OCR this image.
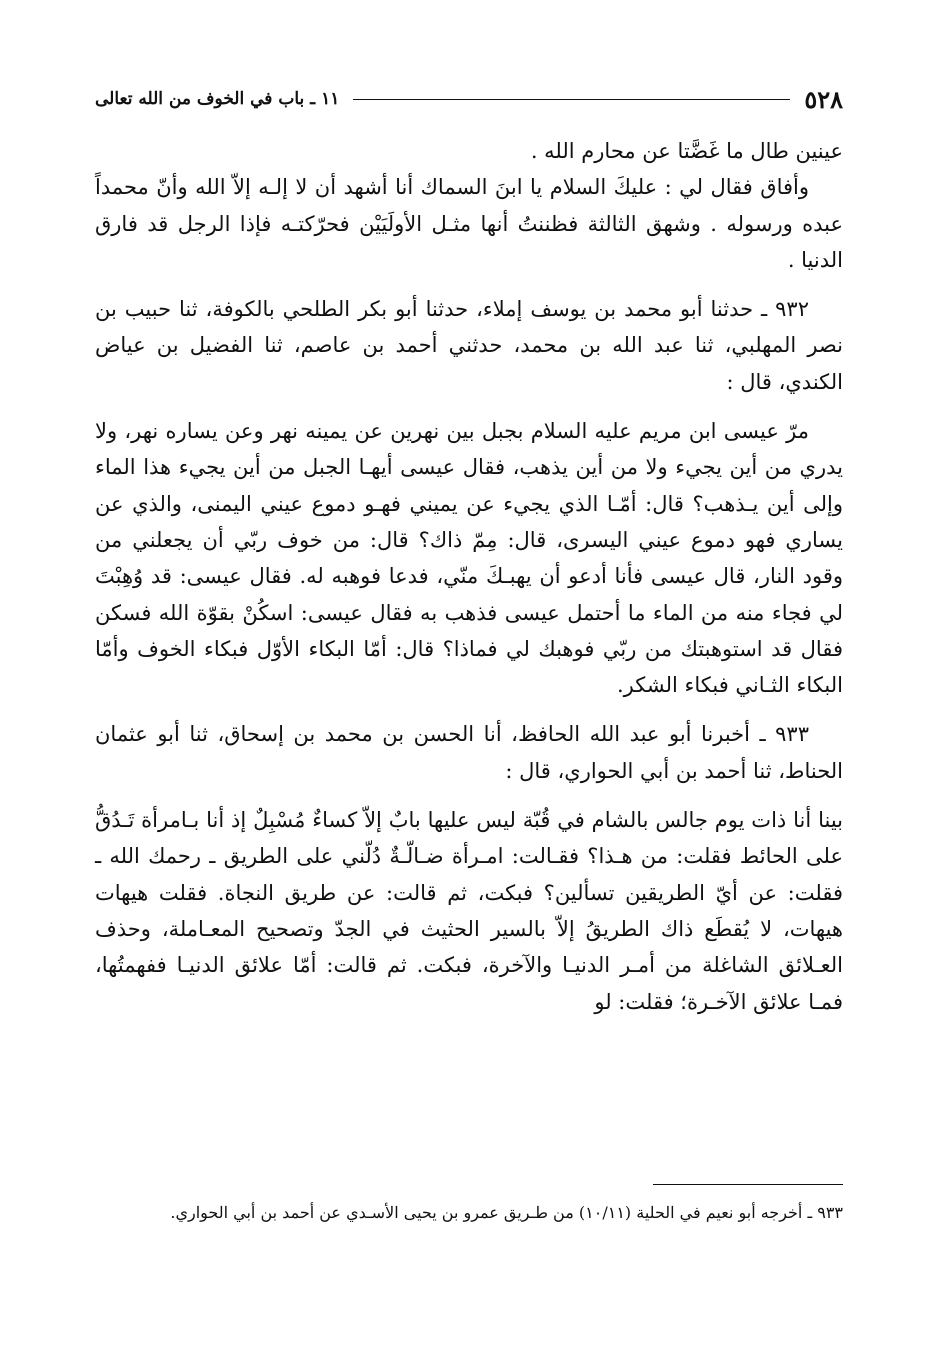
٥٢٨
١١ ـ باب في الخوف من الله تعالى

عينين طال ما غَضَّتا عن محارم الله .

وأفاق فقال لي : عليكَ السلام يا ابنَ السماك أنا أشهد أن لا إلـه إلاّ الله وأنّ محمداً عبده ورسوله . وشهق الثالثة فظننتُ أنها مثـل الأولَيَيْن فحرّكتـه فإذا الرجل قد فارق الدنيا .

٩٣٢ ـ حدثنا أبو محمد بن يوسف إملاء، حدثنا أبو بكر الطلحي بالكوفة، ثنا حبيب بن نصر المهلبي، ثنا عبد الله بن محمد، حدثني أحمد بن عاصم، ثنا الفضيل بن عياض الكندي، قال :

مرّ عيسى ابن مريم عليه السلام بجبل بين نهرين عن يمينه نهر وعن يساره نهر، ولا يدري من أين يجيء ولا من أين يذهب، فقال عيسى أيهـا الجبل من أين يجيء هذا الماء وإلى أين يـذهب؟ قال: أمّـا الذي يجيء عن يميني فهـو دموع عيني اليمنى، والذي عن يساري فهو دموع عيني اليسرى، قال: مِمّ ذاك؟ قال: من خوف ربّي أن يجعلني من وقود النار، قال عيسى فأنا أدعو أن يهبـكَ منّي، فدعا فوهبه له. فقال عيسى: قد وُهِبْتَ لي فجاء منه من الماء ما أحتمل عيسى فذهب به فقال عيسى: اسكُنْ بقوّة الله فسكن فقال قد استوهبتك من ربّي فوهبك لي فماذا؟ قال: أمّا البكاء الأوّل فبكاء الخوف وأمّا البكاء الثـاني فبكاء الشكر.

٩٣٣ ـ أخبرنا أبو عبد الله الحافظ، أنا الحسن بن محمد بن إسحاق، ثنا أبو عثمان الحناط، ثنا أحمد بن أبي الحواري، قال :

بينا أنا ذات يوم جالس بالشام في قُبّة ليس عليها بابٌ إلاّ كساءٌ مُسْبِلٌ إذ أنا بـامرأة تَـدُقُّ على الحائط فقلت: من هـذا؟ فقـالت: امـرأة ضـالّـةٌ دُلّني على الطريق ـ رحمك الله ـ فقلت: عن أيّ الطريقين تسألين؟ فبكت، ثم قالت: عن طريق النجاة. فقلت هيهات هيهات، لا يُقطَع ذاك الطريقُ إلاّ بالسير الحثيث في الجدّ وتصحيح المعـاملة، وحذف العـلائق الشاغلة من أمـر الدنيـا والآخرة، فبكت. ثم قالت: أمّا علائق الدنيـا ففهمتُها، فمـا علائق الآخـرة؛ فقلت: لو

٩٣٣ ـ أخرجه أبو نعيم في الحلية (١٠/١١) من طـريق عمرو بن يحيى الأسـدي عن أحمد بن أبي الحواري.
